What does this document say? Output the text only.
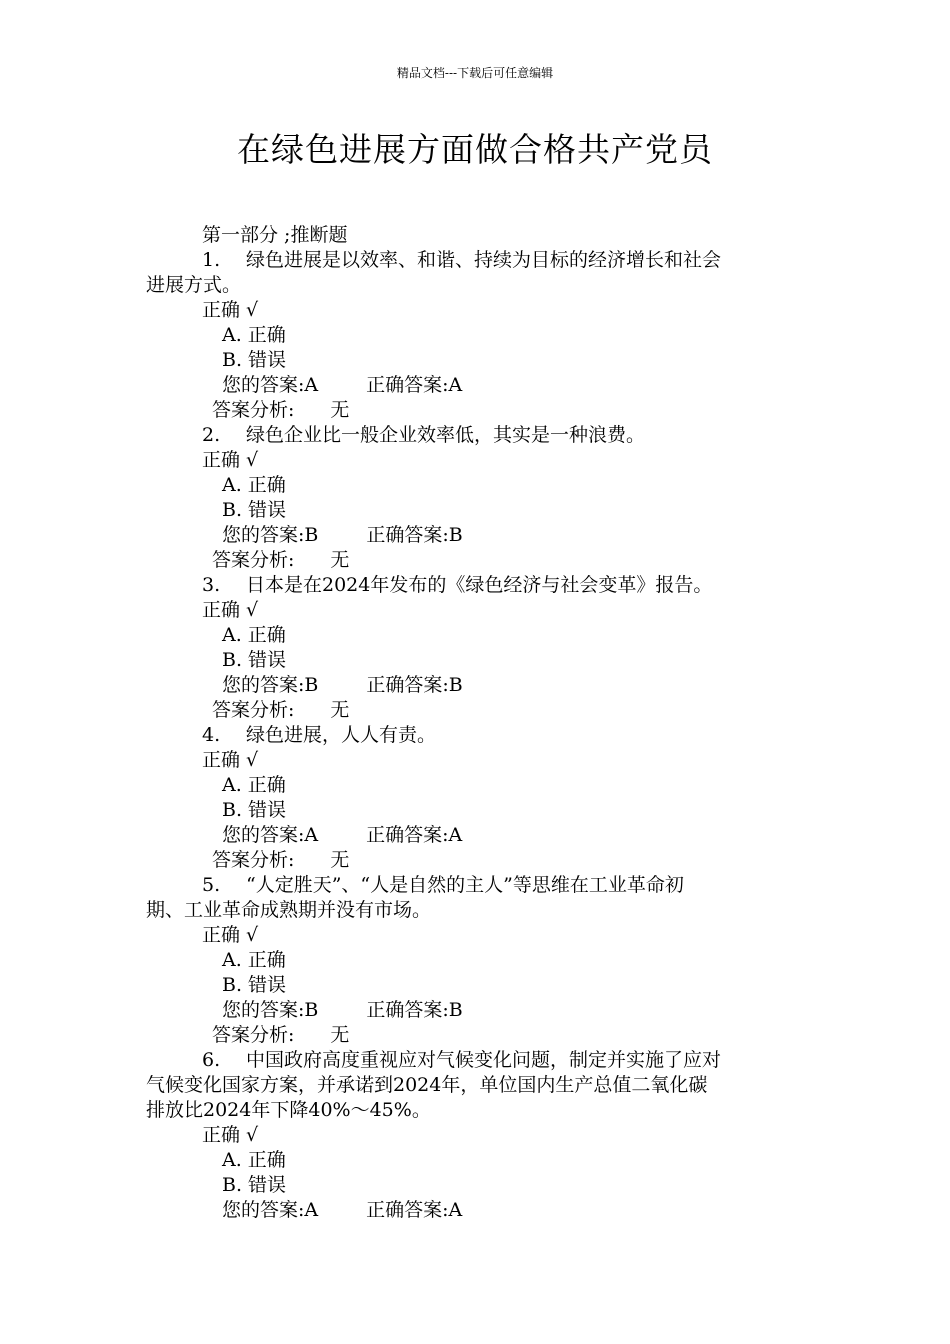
精品文档---下载后可任意编辑
在绿色进展方面做合格共产党员
第一部分 ;推断题
1. 绿色进展是以效率、和谐、持续为目标的经济增长和社会
进展方式。
正确 √
A. 正确
B. 错误
您的答案:A	正确答案:A
答案分析: 无
2. 绿色企业比一般企业效率低，其实是一种浪费。
正确 √
A. 正确
B. 错误
您的答案:B	正确答案:B
答案分析: 无
3. 日本是在2024年发布的《绿色经济与社会变革》报告。
正确 √
A. 正确
B. 错误
您的答案:B	正确答案:B
答案分析: 无
4. 绿色进展，人人有责。
正确 √
A. 正确
B. 错误
您的答案:A	正确答案:A
答案分析: 无
5. “人定胜天”、“人是自然的主人”等思维在工业革命初
期、工业革命成熟期并没有市场。
正确 √
A. 正确
B. 错误
您的答案:B	正确答案:B
答案分析: 无
6. 中国政府高度重视应对气候变化问题，制定并实施了应对
气候变化国家方案，并承诺到2024年，单位国内生产总值二氧化碳
排放比2024年下降40%～45%。
正确 √
A. 正确
B. 错误
您的答案:A	正确答案:A
